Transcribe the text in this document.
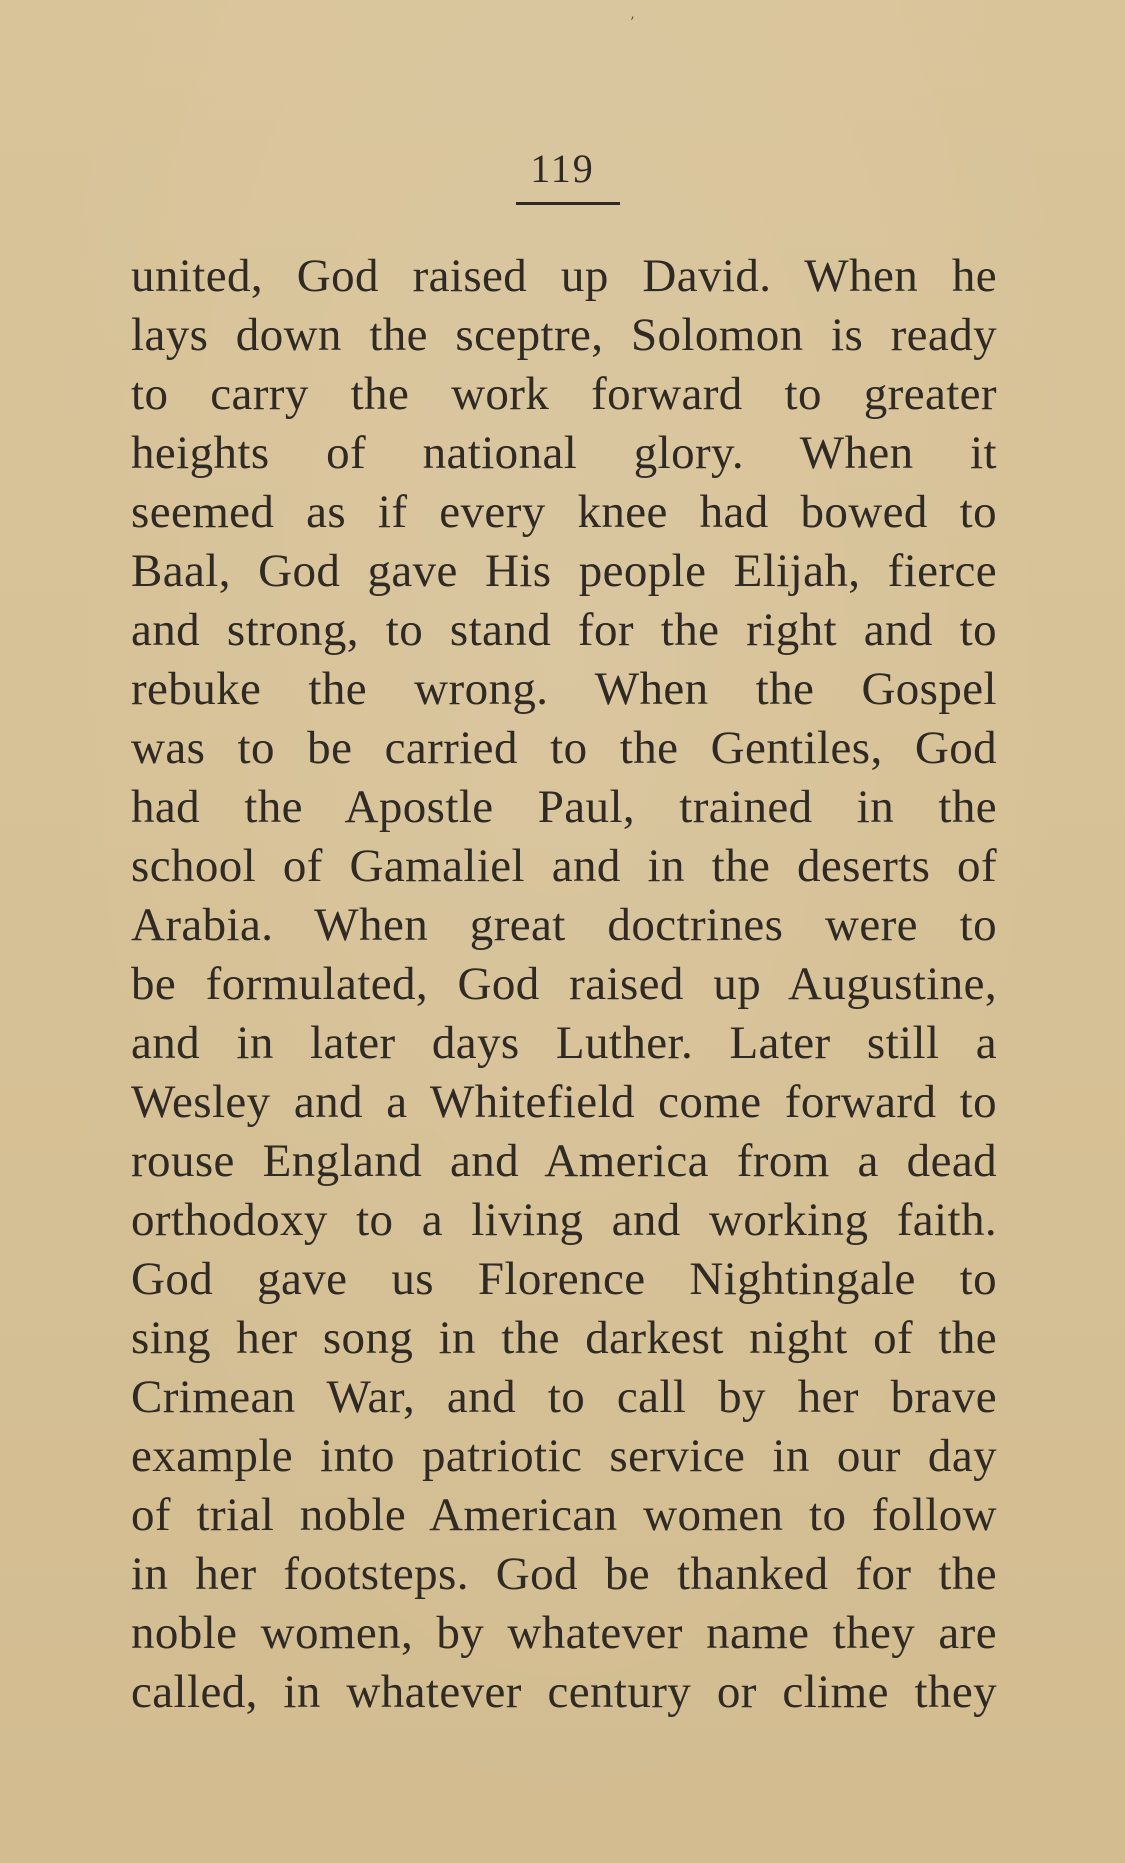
’
119
united, God raised up David. When he
lays down the sceptre, Solomon is ready
to carry the work forward to greater
heights of national glory. When it
seemed as if every knee had bowed to
Baal, God gave His people Elijah, fierce
and strong, to stand for the right and to
rebuke the wrong. When the Gospel
was to be carried to the Gentiles, God
had the Apostle Paul, trained in the
school of Gamaliel and in the deserts of
Arabia. When great doctrines were to
be formulated, God raised up Augustine,
and in later days Luther. Later still a
Wesley and a Whitefield come forward to
rouse England and America from a dead
orthodoxy to a living and working faith.
God gave us Florence Nightingale to
sing her song in the darkest night of the
Crimean War, and to call by her brave
example into patriotic service in our day
of trial noble American women to follow
in her footsteps. God be thanked for the
noble women, by whatever name they are
called, in whatever century or clime they
